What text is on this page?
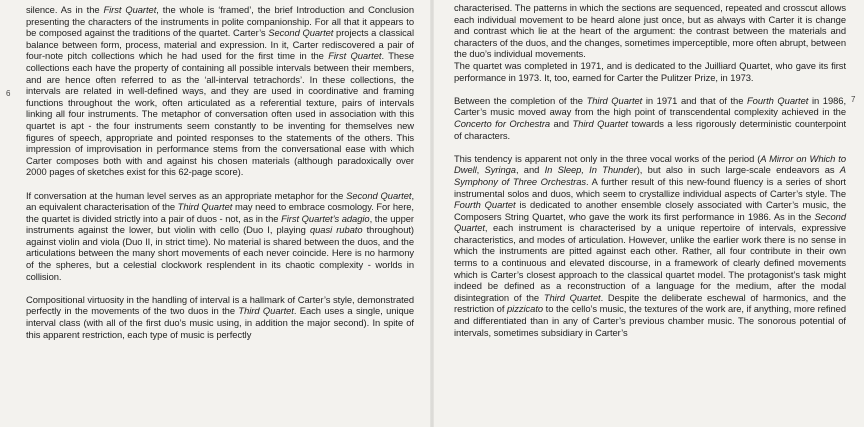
6

silence. As in the First Quartet, the whole is ‘framed’, the brief Introduction and Conclusion presenting the characters of the instruments in polite companionship. For all that it appears to be composed against the traditions of the quartet. Carter’s Second Quartet projects a classical balance between form, process, material and expression. In it, Carter rediscovered a pair of four-note pitch collections which he had used for the first time in the First Quartet. These collections each have the property of containing all possible intervals between their members, and are hence often referred to as the ‘all-interval tetrachords’. In these collections, the intervals are related in well-defined ways, and they are used in coordinative and framing functions throughout the work, often articulated as a referential texture, pairs of intervals linking all four instruments. The metaphor of conversation often used in association with this quartet is apt - the four instruments seem constantly to be inventing for themselves new figures of speech, appropriate and pointed responses to the statements of the others. This impression of improvisation in performance stems from the conversational ease with which Carter composes both with and against his chosen materials (although paradoxically over 2000 pages of sketches exist for this 62-page score).

If conversation at the human level serves as an appropriate metaphor for the Second Quartet, an equivalent characterisation of the Third Quartet may need to embrace cosmology. For here, the quartet is divided strictly into a pair of duos - not, as in the First Quartet’s adagio, the upper instruments against the lower, but violin with cello (Duo I, playing quasi rubato throughout) against violin and viola (Duo II, in strict time). No material is shared between the duos, and the articulations between the many short movements of each never coincide. Here is no harmony of the spheres, but a celestial clockwork resplendent in its chaotic complexity - worlds in collision.

Compositional virtuosity in the handling of interval is a hallmark of Carter’s style, demonstrated perfectly in the movements of the two duos in the Third Quartet. Each uses a single, unique interval class (with all of the first duo’s music using, in addition the major second). In spite of this apparent restriction, each type of music is perfectly

7

characterised. The patterns in which the sections are sequenced, repeated and crosscut allows each individual movement to be heard alone just once, but as always with Carter it is change and contrast which lie at the heart of the argument: the contrast between the materials and characters of the duos, and the changes, sometimes imperceptible, more often abrupt, between the duo’s individual movements.

The quartet was completed in 1971, and is dedicated to the Juilliard Quartet, who gave its first performance in 1973. It, too, earned for Carter the Pulitzer Prize, in 1973.

Between the completion of the Third Quartet in 1971 and that of the Fourth Quartet in 1986, Carter’s music moved away from the high point of transcendental complexity achieved in the Concerto for Orchestra and Third Quartet towards a less rigorously deterministic counterpoint of characters.

This tendency is apparent not only in the three vocal works of the period (A Mirror on Which to Dwell, Syringa, and In Sleep, In Thunder), but also in such large-scale endeavors as A Symphony of Three Orchestras. A further result of this new-found fluency is a series of short instrumental solos and duos, which seem to crystallize individual aspects of Carter’s style. The Fourth Quartet is dedicated to another ensemble closely associated with Carter’s music, the Composers String Quartet, who gave the work its first performance in 1986. As in the Second Quartet, each instrument is characterised by a unique repertoire of intervals, expressive characteristics, and modes of articulation. However, unlike the earlier work there is no sense in which the instruments are pitted against each other. Rather, all four contribute in their own terms to a continuous and elevated discourse, in a framework of clearly defined movements which is Carter’s closest approach to the classical quartet model. The protagonist’s task might indeed be defined as a reconstruction of a language for the medium, after the modal disintegration of the Third Quartet. Despite the deliberate eschewal of harmonics, and the restriction of pizzicato to the cello’s music, the textures of the work are, if anything, more refined and differentiated than in any of Carter’s previous chamber music. The sonorous potential of intervals, sometimes subsidiary in Carter’s
